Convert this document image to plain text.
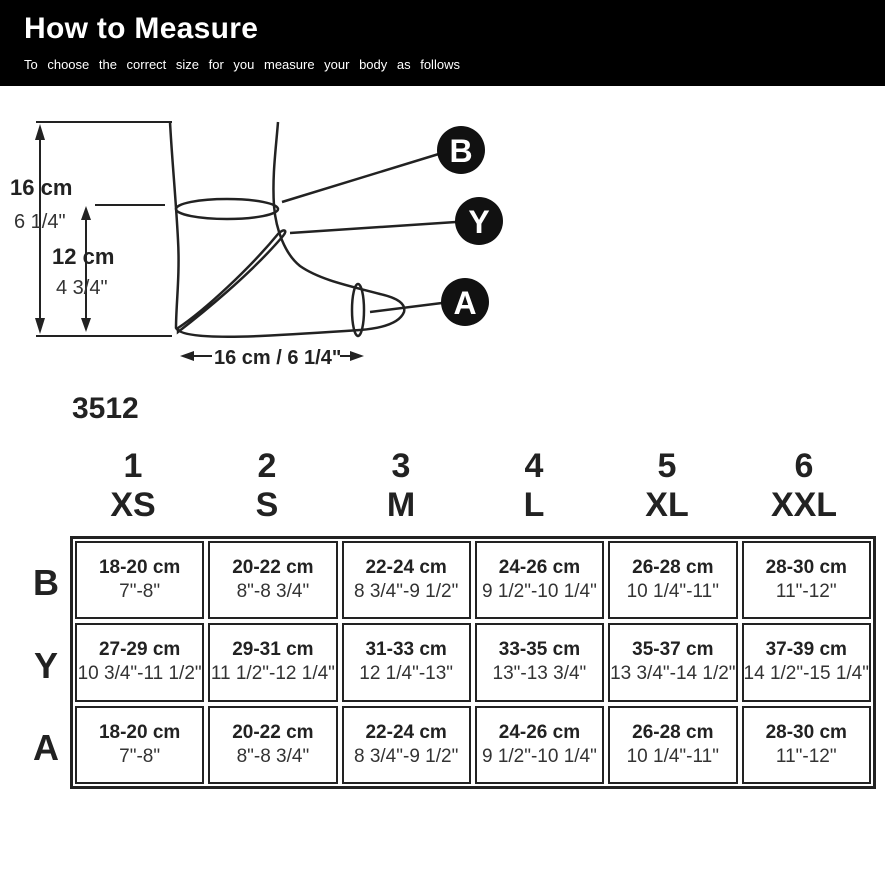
How to Measure
To choose the correct size for you measure your body as follows
B
Y
A
16 cm
6 1/4"
12 cm
4 3/4"
16 cm / 6 1/4"
3512
1
XS
2
S
3
M
4
L
5
XL
6
XXL
B
Y
A
18-20 cm
7"-8"
20-22 cm
8"-8 3/4"
22-24 cm
8 3/4"-9 1/2"
24-26 cm
9 1/2"-10 1/4"
26-28 cm
10 1/4"-11"
28-30 cm
11"-12"
27-29 cm
10 3/4"-11 1/2"
29-31 cm
11 1/2"-12 1/4"
31-33 cm
12 1/4"-13"
33-35 cm
13"-13 3/4"
35-37 cm
13 3/4"-14 1/2"
37-39 cm
14 1/2"-15 1/4"
18-20 cm
7"-8"
20-22 cm
8"-8 3/4"
22-24 cm
8 3/4"-9 1/2"
24-26 cm
9 1/2"-10 1/4"
26-28 cm
10 1/4"-11"
28-30 cm
11"-12"
